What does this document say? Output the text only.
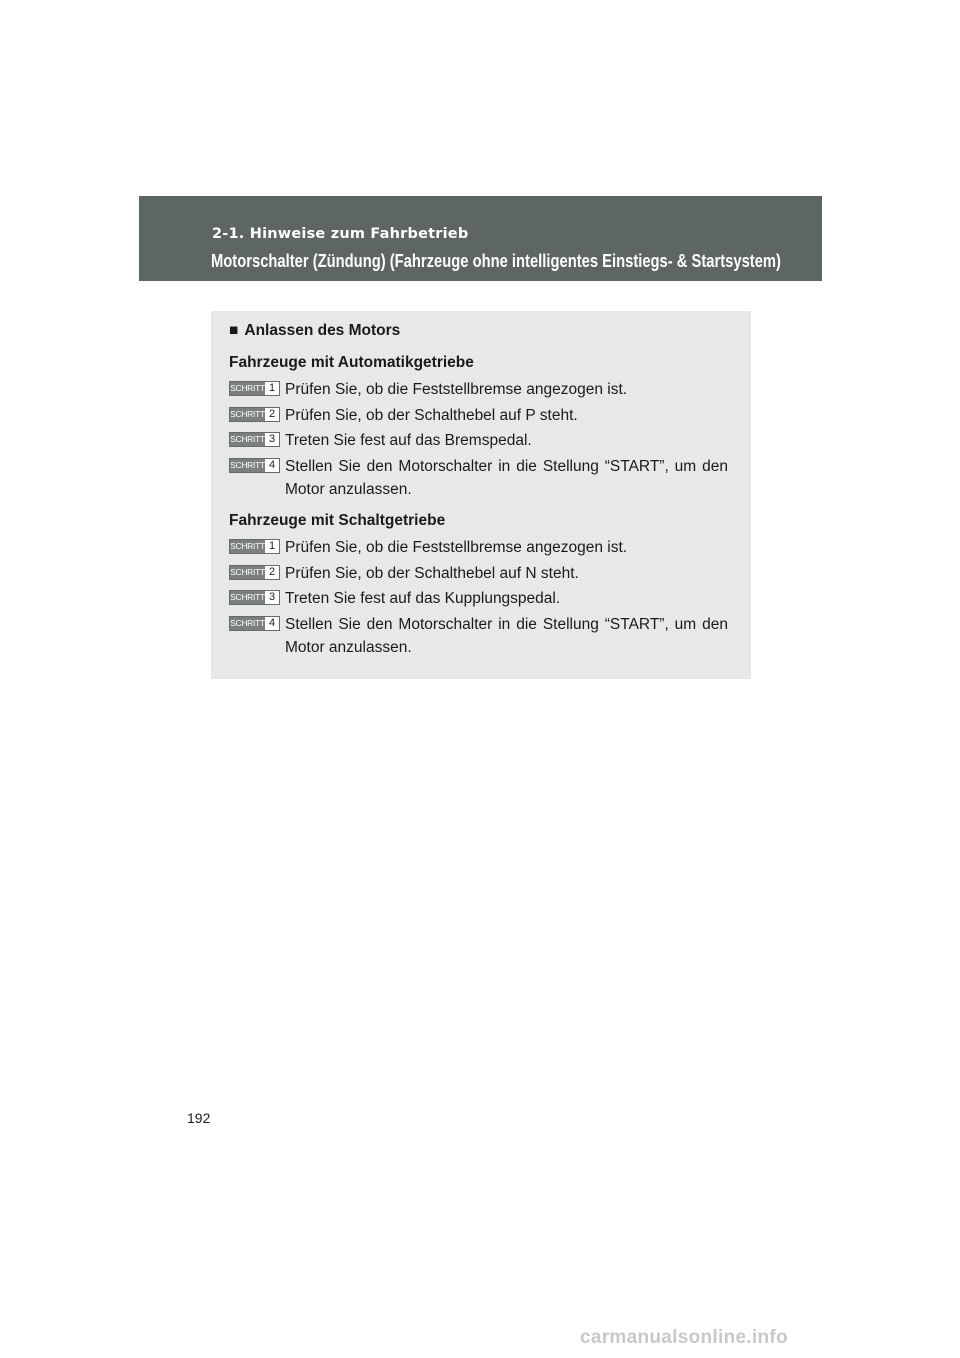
2-1. Hinweise zum Fahrbetrieb
Motorschalter (Zündung) (Fahrzeuge ohne intelligentes Einstiegs- & Startsystem)
■ Anlassen des Motors
Fahrzeuge mit Automatikgetriebe
SCHRITT 1 Prüfen Sie, ob die Feststellbremse angezogen ist.
SCHRITT 2 Prüfen Sie, ob der Schalthebel auf P steht.
SCHRITT 3 Treten Sie fest auf das Bremspedal.
SCHRITT 4 Stellen Sie den Motorschalter in die Stellung “START”, um den Motor anzulassen.
Fahrzeuge mit Schaltgetriebe
SCHRITT 1 Prüfen Sie, ob die Feststellbremse angezogen ist.
SCHRITT 2 Prüfen Sie, ob der Schalthebel auf N steht.
SCHRITT 3 Treten Sie fest auf das Kupplungspedal.
SCHRITT 4 Stellen Sie den Motorschalter in die Stellung “START”, um den Motor anzulassen.
192
carmanualsonline.info
